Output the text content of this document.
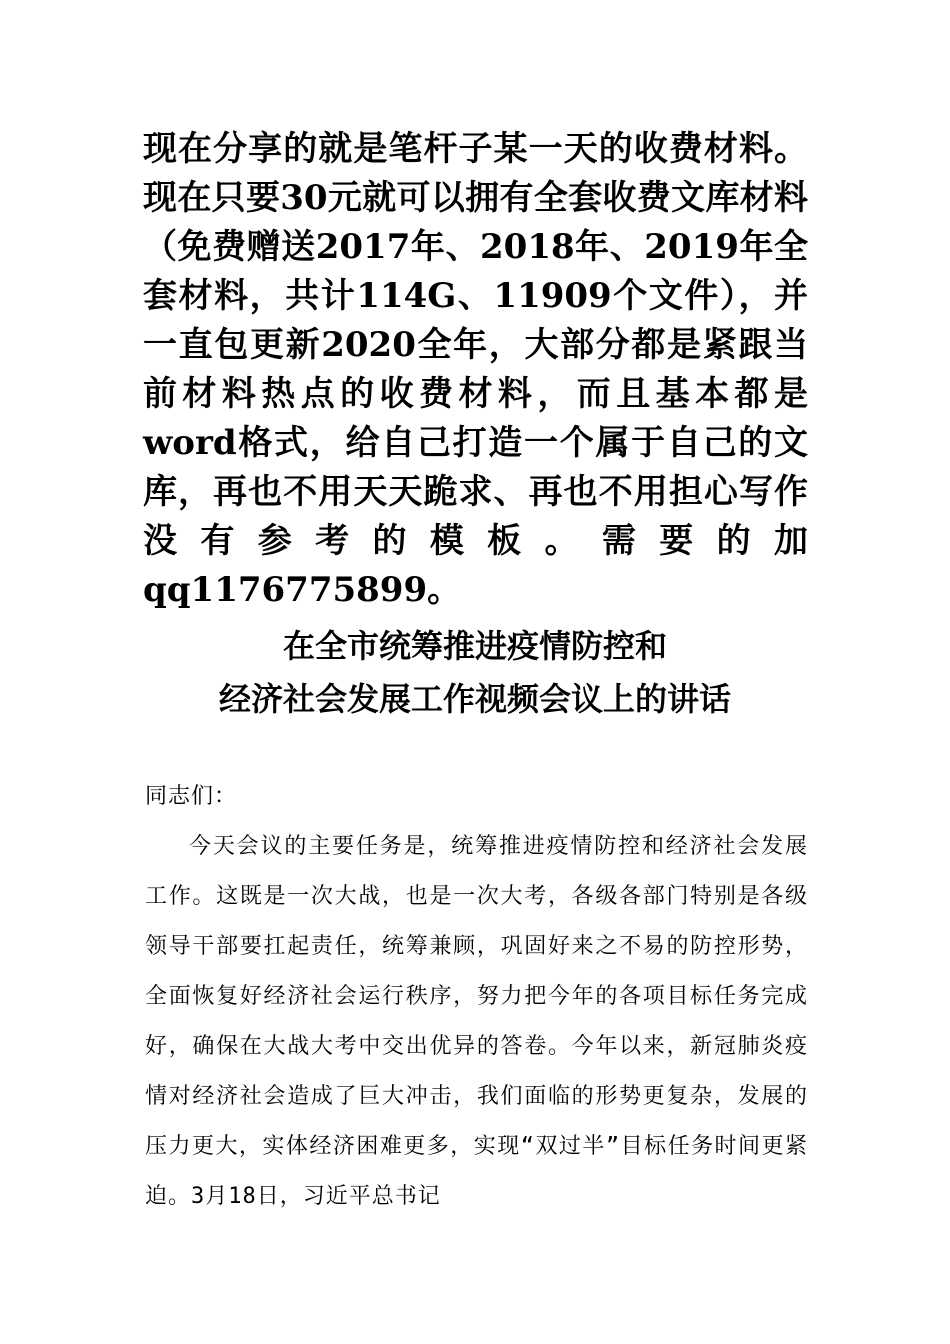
现在分享的就是笔杆子某一天的收费材料。现在只要30元就可以拥有全套收费文库材料（免费赠送2017年、2018年、2019年全套材料，共计114G、11909个文件），并一直包更新2020全年，大部分都是紧跟当前材料热点的收费材料，而且基本都是word格式，给自己打造一个属于自己的文库，再也不用天天跪求、再也不用担心写作没有参考的模板。需要的加qq1176775899。

在全市统筹推进疫情防控和
经济社会发展工作视频会议上的讲话

同志们：

今天会议的主要任务是，统筹推进疫情防控和经济社会发展工作。这既是一次大战，也是一次大考，各级各部门特别是各级领导干部要扛起责任，统筹兼顾，巩固好来之不易的防控形势，全面恢复好经济社会运行秩序，努力把今年的各项目标任务完成好，确保在大战大考中交出优异的答卷。今年以来，新冠肺炎疫情对经济社会造成了巨大冲击，我们面临的形势更复杂，发展的压力更大，实体经济困难更多，实现“双过半”目标任务时间更紧迫。3月18日，习近平总书记
